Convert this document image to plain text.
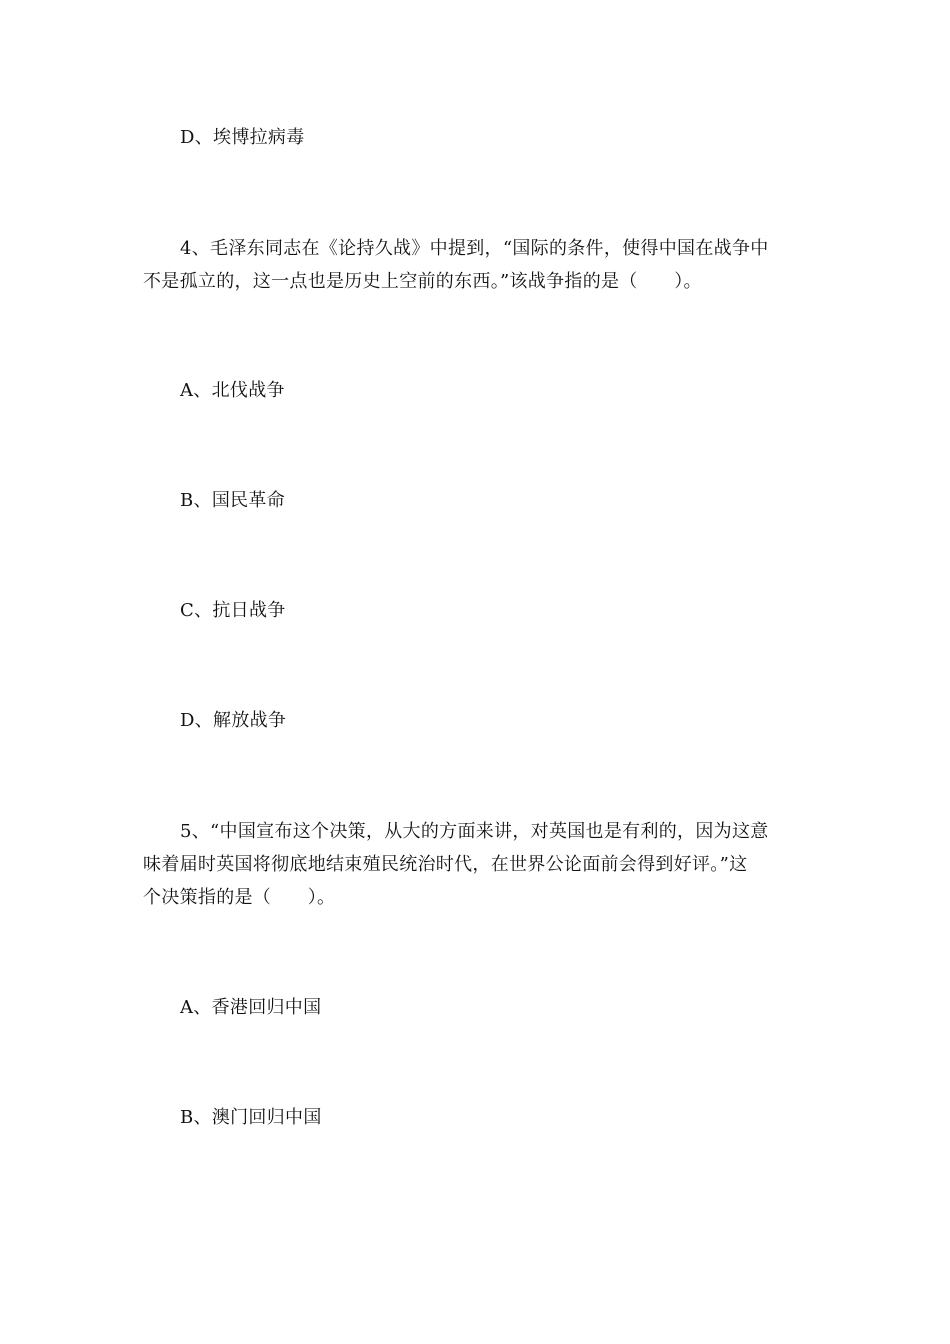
D、埃博拉病毒
4、毛泽东同志在《论持久战》中提到，“国际的条件，使得中国在战争中
不是孤立的，这一点也是历史上空前的东西。”该战争指的是（　　）。
A、北伐战争
B、国民革命
C、抗日战争
D、解放战争
5、“中国宣布这个决策，从大的方面来讲，对英国也是有利的，因为这意
味着届时英国将彻底地结束殖民统治时代，在世界公论面前会得到好评。”这
个决策指的是（　　）。
A、香港回归中国
B、澳门回归中国
